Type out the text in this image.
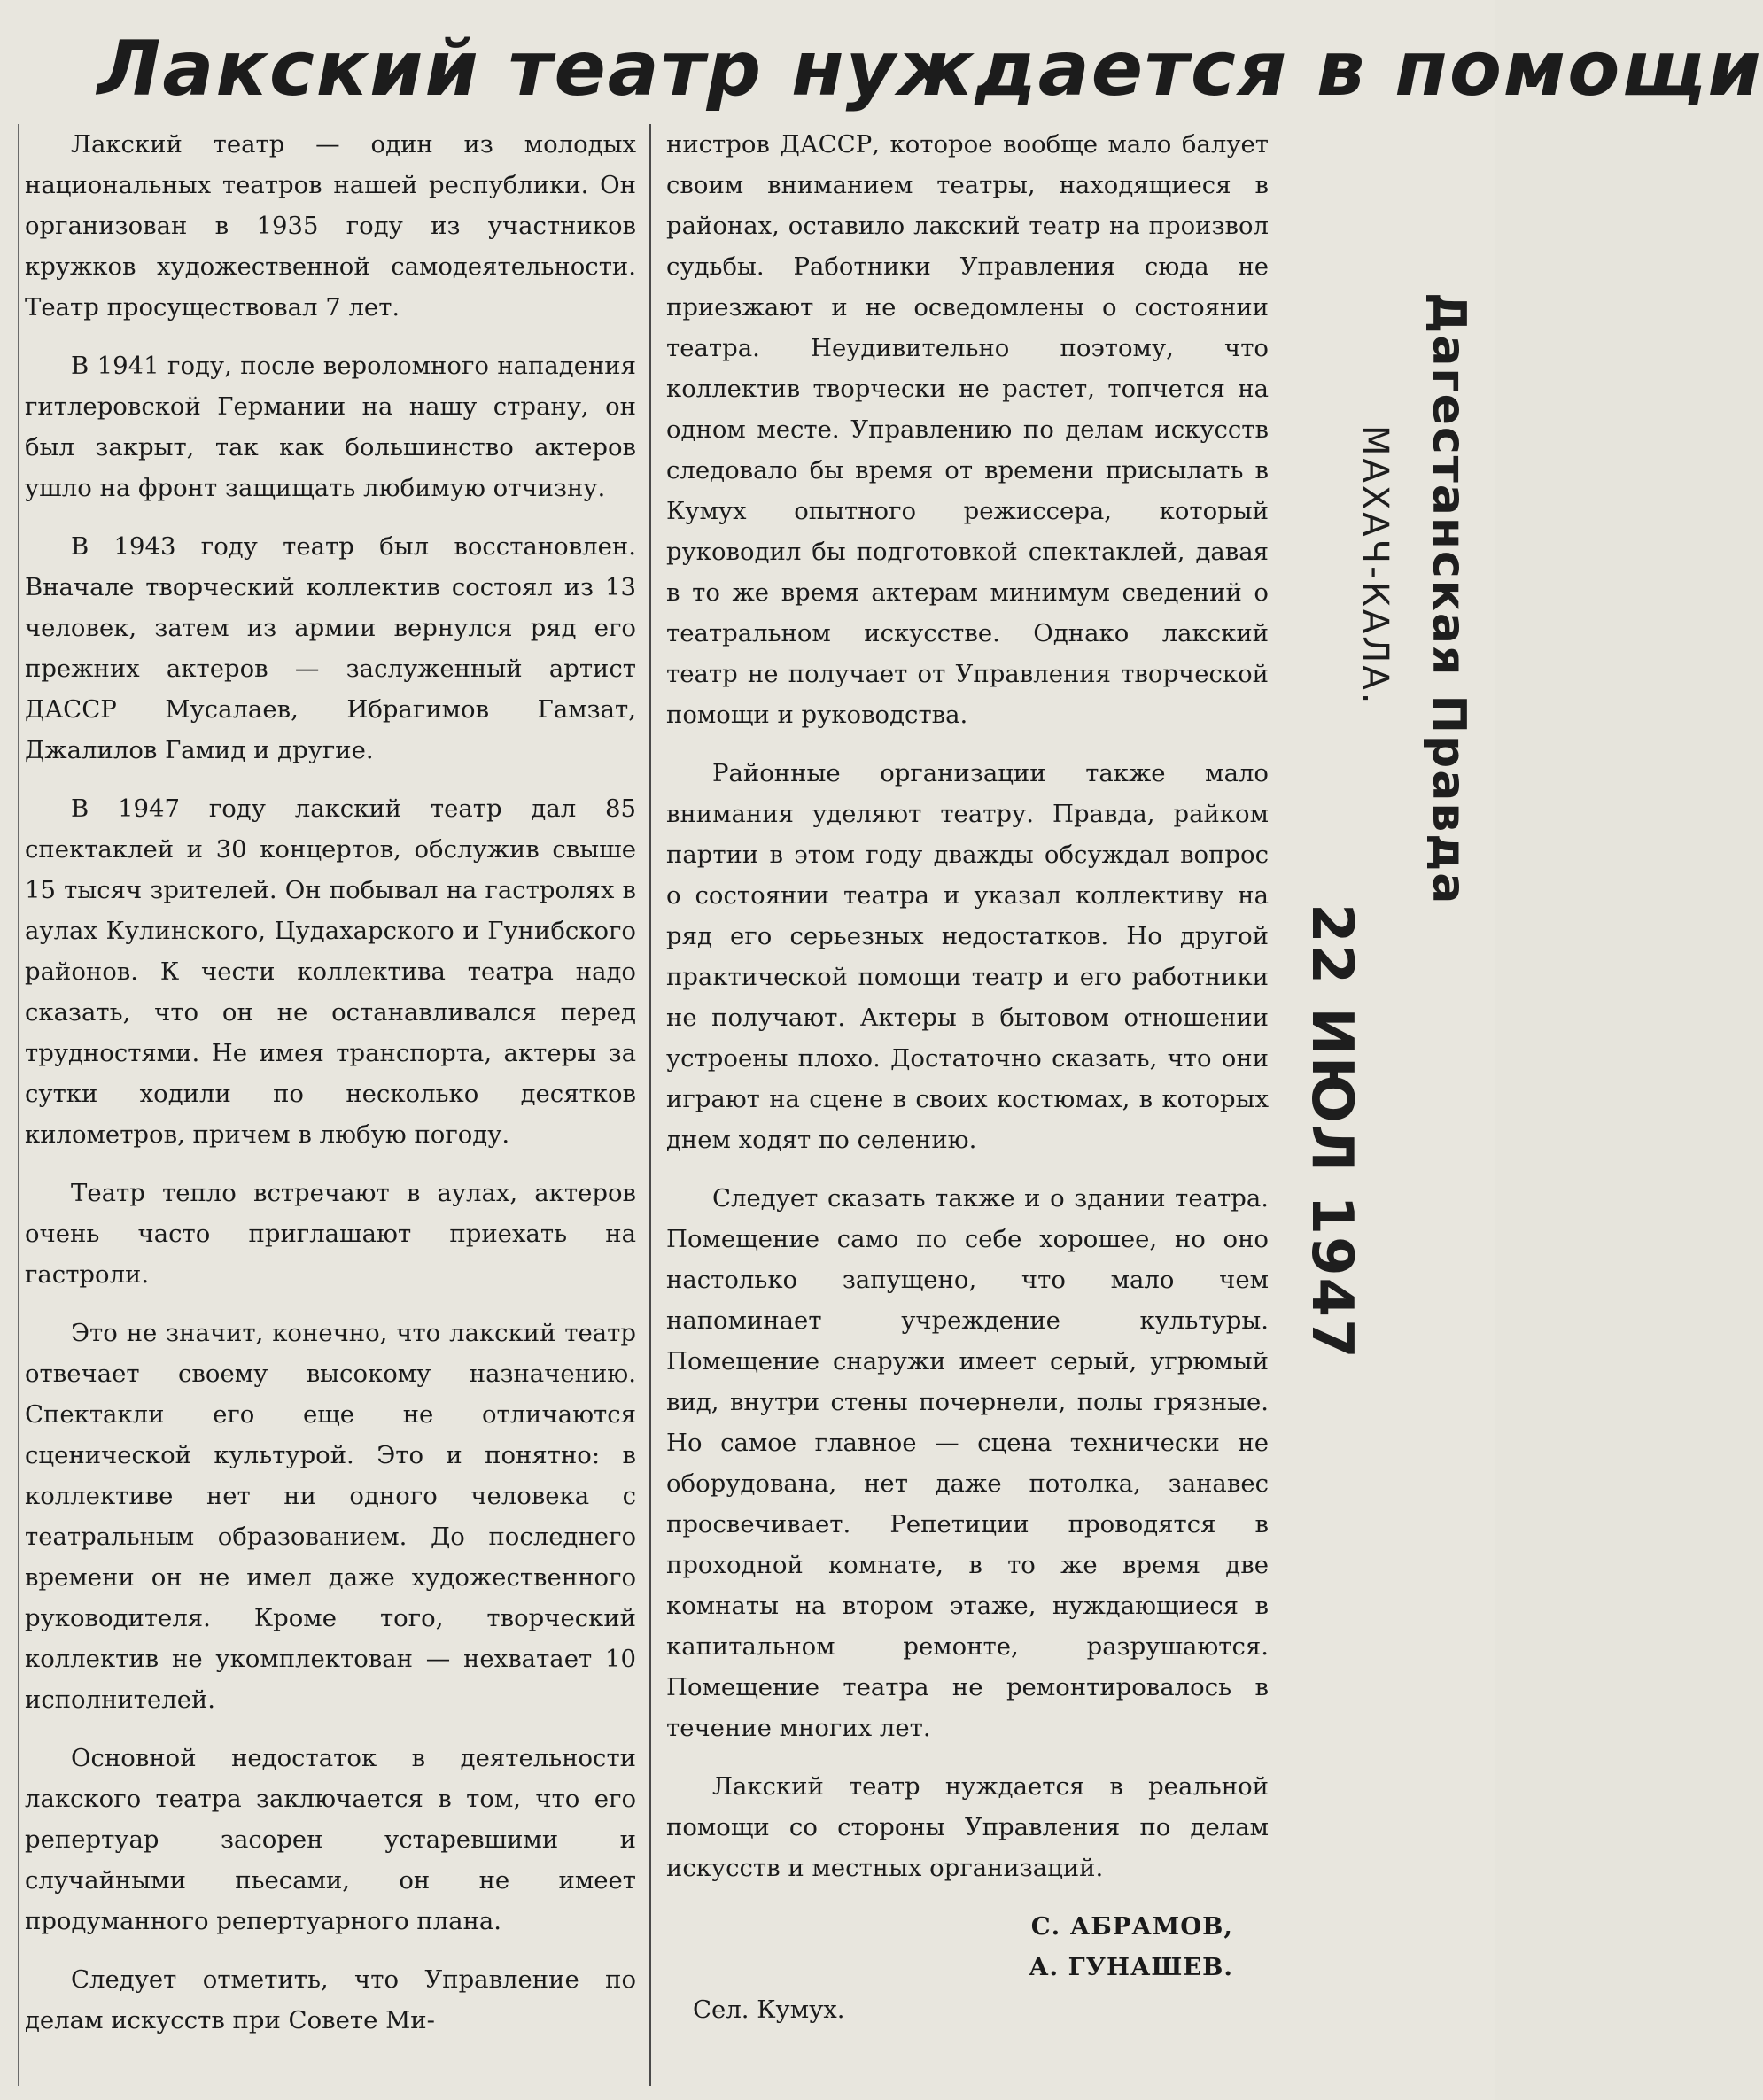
Лакский театр нуждается в помощи

Лакский театр — один из молодых национальных театров нашей республики. Он организован в 1935 году из участников кружков художественной самодеятельности. Театр просуществовал 7 лет.

В 1941 году, после вероломного нападения гитлеровской Германии на нашу страну, он был закрыт, так как большинство актеров ушло на фронт защищать любимую отчизну.

В 1943 году театр был восстановлен. Вначале творческий коллектив состоял из 13 человек, затем из армии вернулся ряд его прежних актеров — заслуженный артист ДАССР Мусалаев, Ибрагимов Гамзат, Джалилов Гамид и другие.

В 1947 году лакский театр дал 85 спектаклей и 30 концертов, обслужив свыше 15 тысяч зрителей. Он побывал на гастролях в аулах Кулинского, Цудахарского и Гунибского районов. К чести коллектива театра надо сказать, что он не останавливался перед трудностями. Не имея транспорта, актеры за сутки ходили по несколько десятков километров, причем в любую погоду.

Театр тепло встречают в аулах, актеров очень часто приглашают приехать на гастроли.

Это не значит, конечно, что лакский театр отвечает своему высокому назначению. Спектакли его еще не отличаются сценической культурой. Это и понятно: в коллективе нет ни одного человека с театральным образованием. До последнего времени он не имел даже художественного руководителя. Кроме того, творческий коллектив не укомплектован — нехватает 10 исполнителей.

Основной недостаток в деятельности лакского театра заключается в том, что его репертуар засорен устаревшими и случайными пьесами, он не имеет продуманного репертуарного плана.

Следует отметить, что Управление по делам искусств при Совете Ми-

нистров ДАССР, которое вообще мало балует своим вниманием театры, находящиеся в районах, оставило лакский театр на произвол судьбы. Работники Управления сюда не приезжают и не осведомлены о состоянии театра. Неудивительно поэтому, что коллектив творчески не растет, топчется на одном месте. Управлению по делам искусств следовало бы время от времени присылать в Кумух опытного режиссера, который руководил бы подготовкой спектаклей, давая в то же время актерам минимум сведений о театральном искусстве. Однако лакский театр не получает от Управления творческой помощи и руководства.

Районные организации также мало внимания уделяют театру. Правда, райком партии в этом году дважды обсуждал вопрос о состоянии театра и указал коллективу на ряд его серьезных недостатков. Но другой практической помощи театр и его работники не получают. Актеры в бытовом отношении устроены плохо. Достаточно сказать, что они играют на сцене в своих костюмах, в которых днем ходят по селению.

Следует сказать также и о здании театра. Помещение само по себе хорошее, но оно настолько запущено, что мало чем напоминает учреждение культуры. Помещение снаружи имеет серый, угрюмый вид, внутри стены почернели, полы грязные. Но самое главное — сцена технически не оборудована, нет даже потолка, занавес просвечивает. Репетиции проводятся в проходной комнате, в то же время две комнаты на втором этаже, нуждающиеся в капитальном ремонте, разрушаются. Помещение театра не ремонтировалось в течение многих лет.

Лакский театр нуждается в реальной помощи со стороны Управления по делам искусств и местных организаций.

С. АБРАМОВ,
А. ГУНАШЕВ.
Сел. Кумух.
Дагестанская Правда
МАХАЧ-КАЛА.
22 ИЮЛ 1947
